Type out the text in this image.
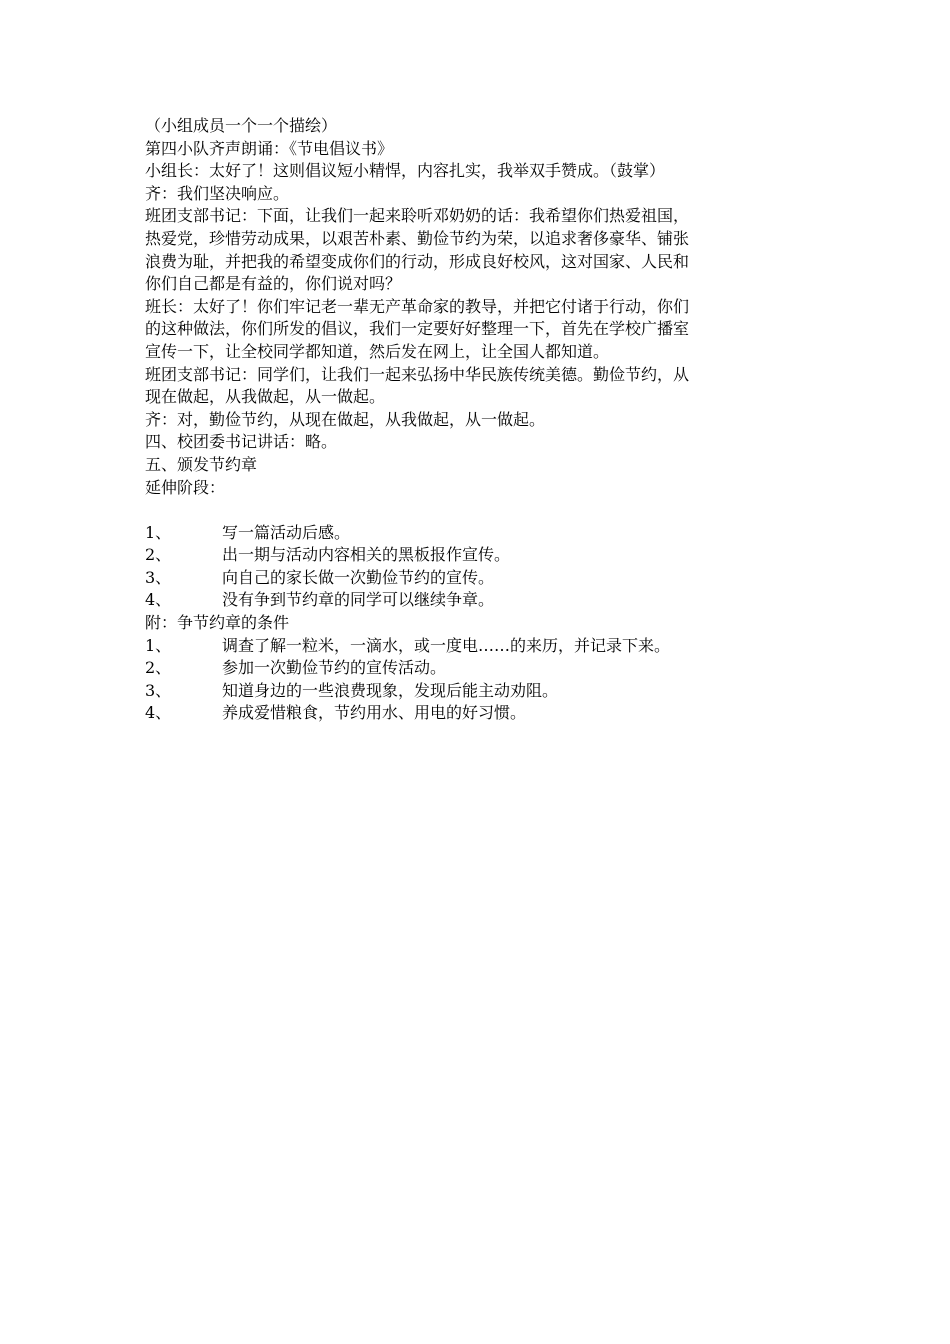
（小组成员一个一个描绘）
第四小队齐声朗诵：《节电倡议书》
小组长：太好了！这则倡议短小精悍，内容扎实，我举双手赞成。（鼓掌）
齐：我们坚决响应。
班团支部书记：下面，让我们一起来聆听邓奶奶的话：我希望你们热爱祖国，
热爱党，珍惜劳动成果，以艰苦朴素、勤俭节约为荣，以追求奢侈豪华、铺张
浪费为耻，并把我的希望变成你们的行动，形成良好校风，这对国家、人民和
你们自己都是有益的，你们说对吗？
班长：太好了！你们牢记老一辈无产革命家的教导，并把它付诸于行动，你们
的这种做法，你们所发的倡议，我们一定要好好整理一下，首先在学校广播室
宣传一下，让全校同学都知道，然后发在网上，让全国人都知道。
班团支部书记：同学们，让我们一起来弘扬中华民族传统美德。勤俭节约，从
现在做起，从我做起，从一做起。
齐：对，勤俭节约，从现在做起，从我做起，从一做起。
四、校团委书记讲话：略。
五、颁发节约章
延伸阶段：
1、	写一篇活动后感。
2、	出一期与活动内容相关的黑板报作宣传。
3、	向自己的家长做一次勤俭节约的宣传。
4、	没有争到节约章的同学可以继续争章。
附：争节约章的条件
1、	调查了解一粒米，一滴水，或一度电……的来历，并记录下来。
2、	参加一次勤俭节约的宣传活动。
3、	知道身边的一些浪费现象，发现后能主动劝阻。
4、	养成爱惜粮食，节约用水、用电的好习惯。
